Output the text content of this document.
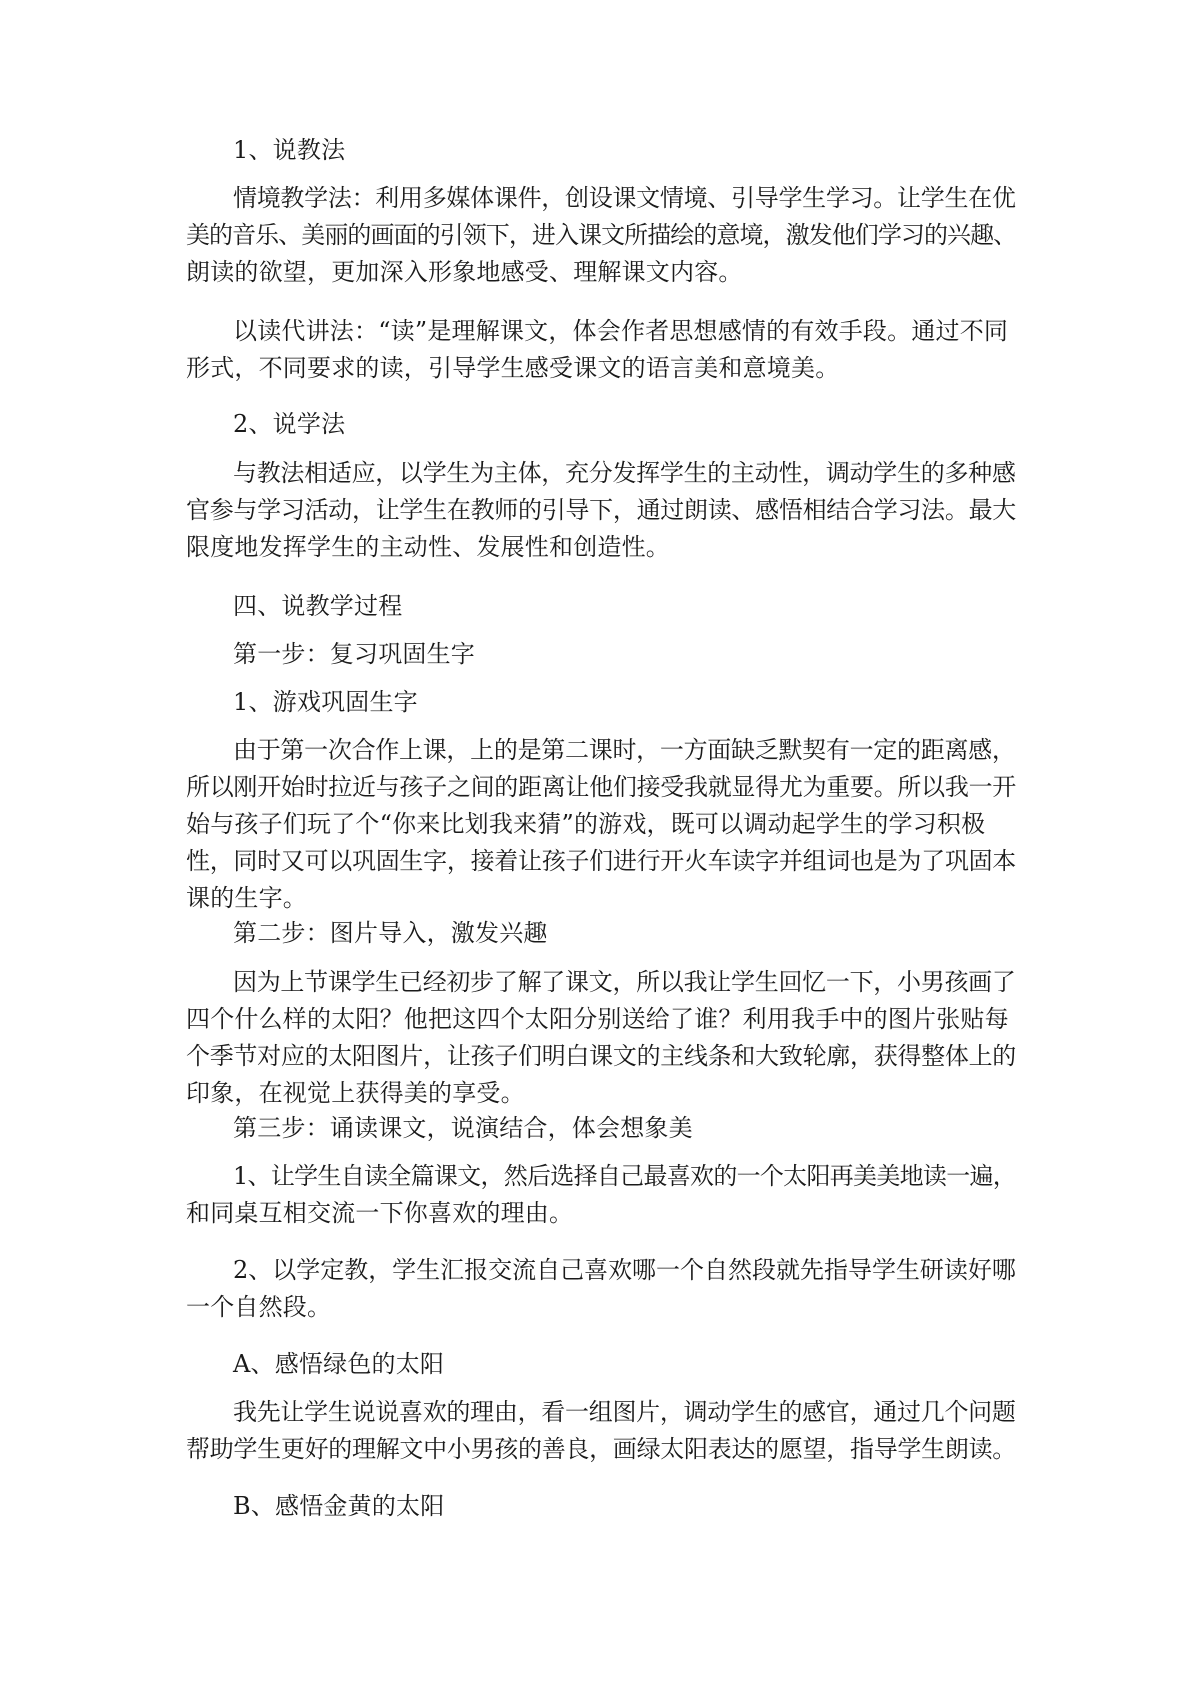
1、说教法
情境教学法：利用多媒体课件，创设课文情境、引导学生学习。让学生在优
美的音乐、美丽的画面的引领下，进入课文所描绘的意境，激发他们学习的兴趣、
朗读的欲望，更加深入形象地感受、理解课文内容。
以读代讲法：“读”是理解课文，体会作者思想感情的有效手段。通过不同
形式，不同要求的读，引导学生感受课文的语言美和意境美。
2、说学法
与教法相适应，以学生为主体，充分发挥学生的主动性，调动学生的多种感
官参与学习活动，让学生在教师的引导下，通过朗读、感悟相结合学习法。最大
限度地发挥学生的主动性、发展性和创造性。
四、说教学过程
第一步：复习巩固生字
1、游戏巩固生字
由于第一次合作上课，上的是第二课时，一方面缺乏默契有一定的距离感，
所以刚开始时拉近与孩子之间的距离让他们接受我就显得尤为重要。所以我一开
始与孩子们玩了个“你来比划我来猜”的游戏，既可以调动起学生的学习积极
性，同时又可以巩固生字，接着让孩子们进行开火车读字并组词也是为了巩固本
课的生字。
第二步：图片导入，激发兴趣
因为上节课学生已经初步了解了课文，所以我让学生回忆一下，小男孩画了
四个什么样的太阳？他把这四个太阳分别送给了谁？利用我手中的图片张贴每
个季节对应的太阳图片，让孩子们明白课文的主线条和大致轮廓，获得整体上的
印象，在视觉上获得美的享受。
第三步：诵读课文，说演结合，体会想象美
1、让学生自读全篇课文，然后选择自己最喜欢的一个太阳再美美地读一遍，
和同桌互相交流一下你喜欢的理由。
2、以学定教，学生汇报交流自己喜欢哪一个自然段就先指导学生研读好哪
一个自然段。
A、感悟绿色的太阳
我先让学生说说喜欢的理由，看一组图片，调动学生的感官，通过几个问题
帮助学生更好的理解文中小男孩的善良，画绿太阳表达的愿望，指导学生朗读。
B、感悟金黄的太阳
